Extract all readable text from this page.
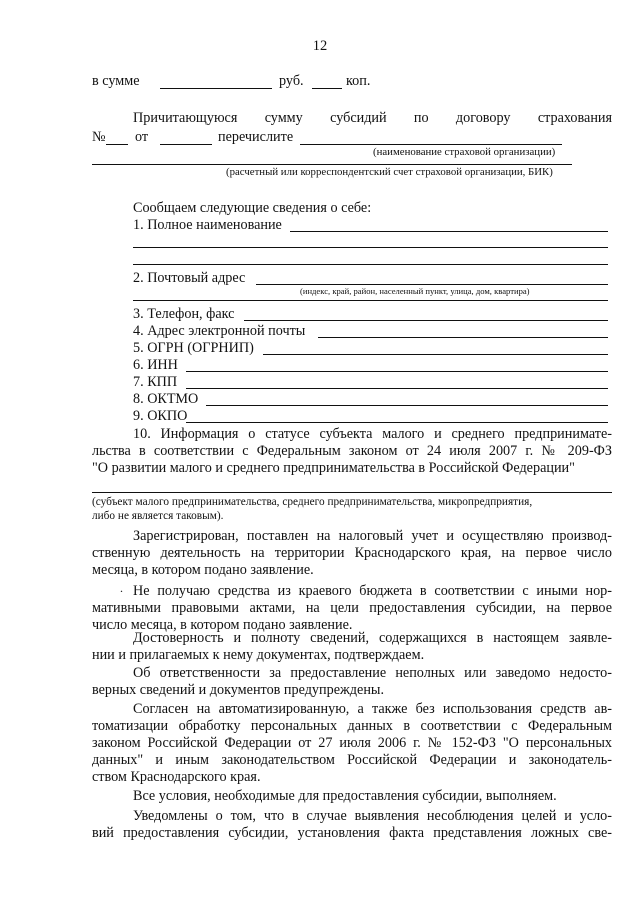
12
в сумме	руб.	коп.
Причитающуюся сумму субсидий по договору страхования
№ от	перечислите
(наименование страховой организации)
(расчетный или корреспондентский счет страховой организации, БИК)
Сообщаем следующие сведения о себе:
1. Полное наименование
2. Почтовый адрес
(индекс, край, район, населенный пункт, улица, дом, квартира)
3. Телефон, факс
4. Адрес электронной почты
5. ОГРН (ОГРНИП)
6. ИНН
7. КПП
8. ОКТМО
9. ОКПО
10. Информация о статусе субъекта малого и среднего предпринимате-
льства в соответствии с Федеральным законом от 24 июля 2007 г. № 209-ФЗ
"О развитии малого и среднего предпринимательства в Российской Федерации"
(субъект малого предпринимательства, среднего предпринимательства, микропредприятия,
либо не является таковым).
Зарегистрирован, поставлен на налоговый учет и осуществляю производ-
ственную деятельность на территории Краснодарского края, на первое число
месяца, в котором подано заявление.
. Не получаю средства из краевого бюджета в соответствии с иными нор-
мативными правовыми актами, на цели предоставления субсидии, на первое
число месяца, в котором подано заявление.
Достоверность и полноту сведений, содержащихся в настоящем заявле-
нии и прилагаемых к нему документах, подтверждаем.
Об ответственности за предоставление неполных или заведомо недосто-
верных сведений и документов предупреждены.
Согласен на автоматизированную, а также без использования средств ав-
томатизации обработку персональных данных в соответствии с Федеральным
законом Российской Федерации от 27 июля 2006 г. № 152-ФЗ "О персональных
данных" и иным законодательством Российской Федерации и законодатель-
ством Краснодарского края.
Все условия, необходимые для предоставления субсидии, выполняем.
Уведомлены о том, что в случае выявления несоблюдения целей и усло-
вий предоставления субсидии, установления факта представления ложных све-
